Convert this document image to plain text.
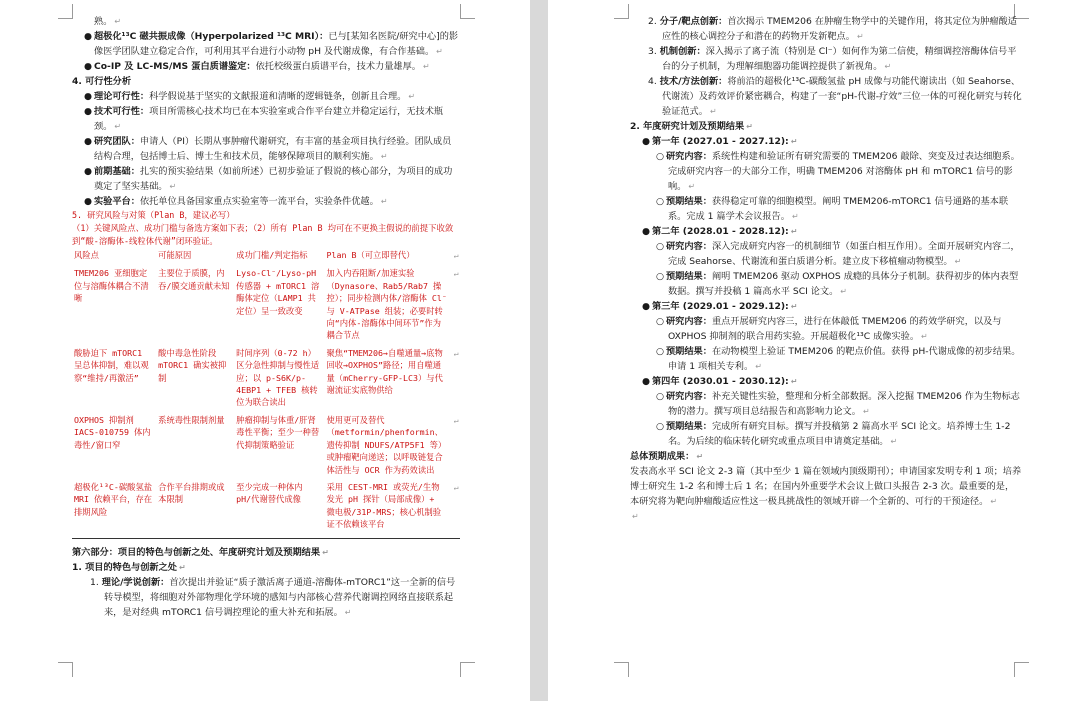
熟。 ↵

● 超极化¹³C 磁共振成像（Hyperpolarized ¹³C MRI）：已与[某知名医院/研究中心]的影像医学团队建立稳定合作，可利用其平台进行小动物 pH 及代谢成像，有合作基础。 ↵

● Co-IP 及 LC-MS/MS 蛋白质谱鉴定：依托校级蛋白质谱平台，技术力量雄厚。 ↵

4. 可行性分析

● 理论可行性：科学假说基于坚实的文献报道和清晰的逻辑链条，创新且合理。 ↵

● 技术可行性：项目所需核心技术均已在本实验室或合作平台建立并稳定运行，无技术瓶颈。 ↵

● 研究团队：申请人（PI）长期从事肿瘤代谢研究，有丰富的基金项目执行经验。团队成员结构合理，包括博士后、博士生和技术员，能够保障项目的顺利实施。 ↵

● 前期基础：扎实的预实验结果（如前所述）已初步验证了假说的核心部分，为项目的成功奠定了坚实基础。 ↵

● 实验平台：依托单位具备国家重点实验室等一流平台，实验条件优越。 ↵

5. 研究风险与对策（Plan B，建议必写）

（1）关键风险点、成功门槛与备选方案如下表；（2）所有 Plan B 均可在不更换主假说的前提下收敛到“酸-溶酶体-线粒体代谢”闭环验证。

风险点	可能原因	成功门槛/判定指标	Plan B（可立即替代）	↵
TMEM206 亚细胞定位与溶酶体耦合不清晰	主要位于质膜，内吞/膜交通贡献未知	Lyso-Cl⁻/Lyso-pH 传感器 + mTORC1 溶酶体定位（LAMP1 共定位）呈一致改变	加入内吞阻断/加速实验（Dynasore、Rab5/Rab7 操控）；同步检测内体/溶酶体 Cl⁻与 V-ATPase 组装；必要时转向“内体-溶酶体中间环节”作为耦合节点	↵
酸胁迫下 mTORC1 呈总体抑制，难以观察“维持/再激活”	酸中毒急性阶段 mTORC1 确实被抑制	时间序列（0-72 h）区分急性抑制与慢性适应；以 p-S6K/p-4EBP1 + TFEB 核转位为联合读出	聚焦“TMEM206→自噬通量→底物回收→OXPHOS”路径；用自噬通量（mCherry-GFP-LC3）与代谢流证实底物供给	↵
OXPHOS 抑制剂 IACS-010759 体内毒性/窗口窄	系统毒性限制剂量	肿瘤抑制与体重/肝肾毒性平衡；至少一种替代抑制策略验证	使用更可及替代（metformin/phenformin、遗传抑制 NDUFS/ATP5F1 等）或肿瘤靶向递送；以呼吸链复合体活性与 OCR 作为药效读出	↵
超极化¹³C-碳酸氢盐 MRI 依赖平台，存在排期风险	合作平台排期或成本限制	至少完成一种体内 pH/代谢替代成像	采用 CEST-MRI 或荧光/生物发光 pH 探针（局部成像）+ 微电极/31P-MRS；核心机制验证不依赖该平台	↵

第六部分：项目的特色与创新之处、年度研究计划及预期结果 ↵

1. 项目的特色与创新之处 ↵

1. 理论/学说创新：首次提出并验证“质子激活离子通道-溶酶体-mTORC1”这一全新的信号转导模型，将细胞对外部物理化学环境的感知与内部核心营养代谢调控网络直接联系起来，是对经典 mTORC1 信号调控理论的重大补充和拓展。 ↵

2. 分子/靶点创新：首次揭示 TMEM206 在肿瘤生物学中的关键作用，将其定位为肿瘤酸适应性的核心调控分子和潜在的药物开发新靶点。 ↵

3. 机制创新：深入揭示了离子流（特别是 Cl⁻）如何作为第二信使，精细调控溶酶体信号平台的分子机制，为理解细胞器功能调控提供了新视角。 ↵

4. 技术/方法创新：将前沿的超极化¹³C-碳酸氢盐 pH 成像与功能代谢读出（如 Seahorse、代谢流）及药效评价紧密耦合，构建了一套“pH-代谢-疗效”三位一体的可视化研究与转化验证范式。 ↵

2. 年度研究计划及预期结果 ↵

● 第一年 (2027.01 - 2027.12): ↵

○ 研究内容：系统性构建和验证所有研究需要的 TMEM206 敲除、突变及过表达细胞系。完成研究内容一的大部分工作，明确 TMEM206 对溶酶体 pH 和 mTORC1 信号的影响。 ↵

○ 预期结果：获得稳定可靠的细胞模型。阐明 TMEM206-mTORC1 信号通路的基本联系。完成 1 篇学术会议报告。 ↵

● 第二年 (2028.01 - 2028.12): ↵

○ 研究内容：深入完成研究内容一的机制细节（如蛋白相互作用）。全面开展研究内容二，完成 Seahorse、代谢流和蛋白质谱分析。建立皮下移植瘤动物模型。 ↵

○ 预期结果：阐明 TMEM206 驱动 OXPHOS 成瘾的具体分子机制。获得初步的体内表型数据。撰写并投稿 1 篇高水平 SCI 论文。 ↵

● 第三年 (2029.01 - 2029.12): ↵

○ 研究内容：重点开展研究内容三，进行在体敲低 TMEM206 的药效学研究，以及与 OXPHOS 抑制剂的联合用药实验。开展超极化¹³C 成像实验。 ↵

○ 预期结果：在动物模型上验证 TMEM206 的靶点价值。获得 pH-代谢成像的初步结果。申请 1 项相关专利。 ↵

● 第四年 (2030.01 - 2030.12): ↵

○ 研究内容：补充关键性实验，整理和分析全部数据。深入挖掘 TMEM206 作为生物标志物的潜力。撰写项目总结报告和高影响力论文。 ↵

○ 预期结果：完成所有研究目标。撰写并投稿第 2 篇高水平 SCI 论文。培养博士生 1-2 名。为后续的临床转化研究或重点项目申请奠定基础。 ↵

总体预期成果： ↵

发表高水平 SCI 论文 2-3 篇（其中至少 1 篇在领域内顶级期刊）；申请国家发明专利 1 项；培养博士研究生 1-2 名和博士后 1 名；在国内外重要学术会议上做口头报告 2-3 次。最重要的是，本研究将为靶向肿瘤酸适应性这一极具挑战性的领域开辟一个全新的、可行的干预途径。 ↵

↵
